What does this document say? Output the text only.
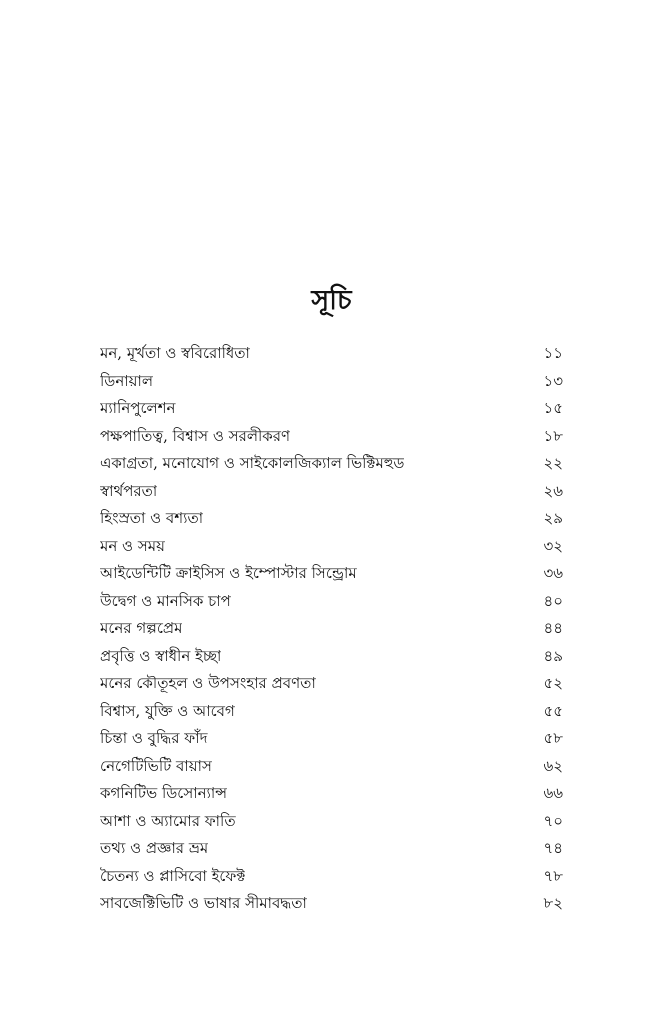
সূচি
মন, মূর্খতা ও স্ববিরোধিতা	১১
ডিনায়াল	১৩
ম্যানিপুলেশন	১৫
পক্ষপাতিত্ব, বিশ্বাস ও সরলীকরণ	১৮
একাগ্রতা, মনোযোগ ও সাইকোলজিক্যাল ভিক্টিমহুড	২২
স্বার্থপরতা	২৬
হিংস্রতা ও বশ্যতা	২৯
মন ও সময়	৩২
আইডেন্টিটি ক্রাইসিস ও ইম্পোস্টার সিন্ড্রোম	৩৬
উদ্বেগ ও মানসিক চাপ	৪০
মনের গল্পপ্রেম	৪৪
প্রবৃত্তি ও স্বাধীন ইচ্ছা	৪৯
মনের কৌতূহল ও উপসংহার প্রবণতা	৫২
বিশ্বাস, যুক্তি ও আবেগ	৫৫
চিন্তা ও বুদ্ধির ফাঁদ	৫৮
নেগেটিভিটি বায়াস	৬২
কগনিটিভ ডিসোন্যান্স	৬৬
আশা ও অ্যামোর ফাতি	৭০
তথ্য ও প্রজ্ঞার ভ্রম	৭৪
চৈতন্য ও প্লাসিবো ইফেক্ট	৭৮
সাবজেক্টিভিটি ও ভাষার সীমাবদ্ধতা	৮২
